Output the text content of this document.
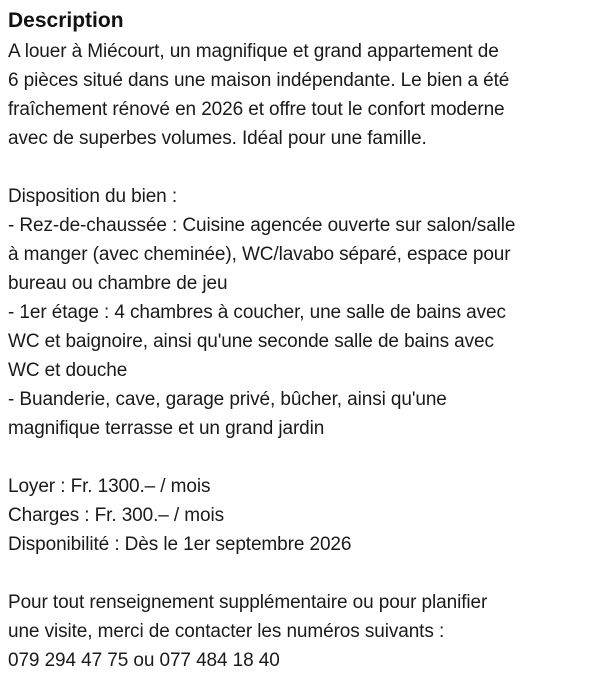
Description
A louer à Miécourt, un magnifique et grand appartement de
6 pièces situé dans une maison indépendante. Le bien a été
fraîchement rénové en 2026 et offre tout le confort moderne
avec de superbes volumes. Idéal pour une famille.
Disposition du bien :
- Rez-de-chaussée : Cuisine agencée ouverte sur salon/salle
à manger (avec cheminée), WC/lavabo séparé, espace pour
bureau ou chambre de jeu
- 1er étage : 4 chambres à coucher, une salle de bains avec
WC et baignoire, ainsi qu'une seconde salle de bains avec
WC et douche
- Buanderie, cave, garage privé, bûcher, ainsi qu'une
magnifique terrasse et un grand jardin
Loyer : Fr. 1300.– / mois
Charges : Fr. 300.– / mois
Disponibilité : Dès le 1er septembre 2026
Pour tout renseignement supplémentaire ou pour planifier
une visite, merci de contacter les numéros suivants :
079 294 47 75 ou 077 484 18 40
